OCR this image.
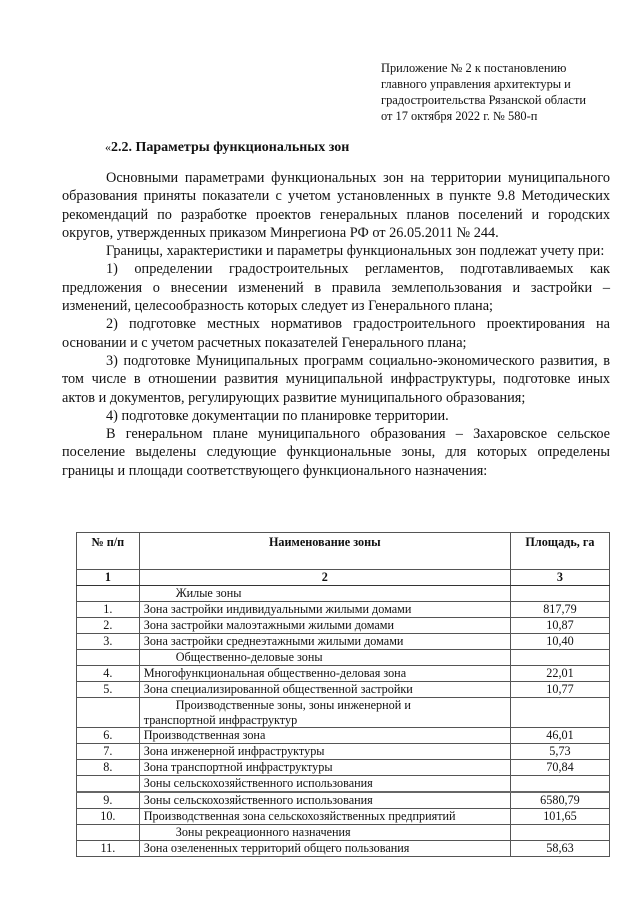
Приложение № 2 к постановлению
главного управления архитектуры и
градостроительства Рязанской области
от 17 октября 2022 г. № 580-п
«2.2. Параметры функциональных зон

Основными параметрами функциональных зон на территории муниципального образования приняты показатели с учетом установленных в пункте 9.8 Методических рекомендаций по разработке проектов генеральных планов поселений и городских округов, утвержденных приказом Минрегиона РФ от 26.05.2011 № 244.

Границы, характеристики и параметры функциональных зон подлежат учету при:

1) определении градостроительных регламентов, подготавливаемых как предложения о внесении изменений в правила землепользования и застройки – изменений, целесообразность которых следует из Генерального плана;

2) подготовке местных нормативов градостроительного проектирования на основании и с учетом расчетных показателей Генерального плана;

3) подготовке Муниципальных программ социально-экономического развития, в том числе в отношении развития муниципальной инфраструктуры, подготовке иных актов и документов, регулирующих развитие муниципального образования;

4) подготовке документации по планировке территории.

В генеральном плане муниципального образования – Захаровское сельское поселение выделены следующие функциональные зоны, для которых определены границы и площади соответствующего функционального назначения:

№ п/п	Наименование зоны	Площадь, га
1	2	3
	Жилые зоны	
1.	Зона застройки индивидуальными жилыми домами	817,79
2.	Зона застройки малоэтажными жилыми домами	10,87
3.	Зона застройки среднеэтажными жилыми домами	10,40
	Общественно-деловые зоны	
4.	Многофункциональная общественно-деловая зона	22,01
5.	Зона специализированной общественной застройки	10,77

	Производственные зоны, зоны инженерной и
транспортной инфраструктур	

6.	Производственная зона	46,01
7.	Зона инженерной инфраструктуры	5,73
8.	Зона транспортной инфраструктуры	70,84
	Зоны сельскохозяйственного использования	
9.	Зоны сельскохозяйственного использования	6580,79
10.	Производственная зона сельскохозяйственных предприятий	101,65
	Зоны рекреационного назначения	
11.	Зона озелененных территорий общего пользования	58,63
